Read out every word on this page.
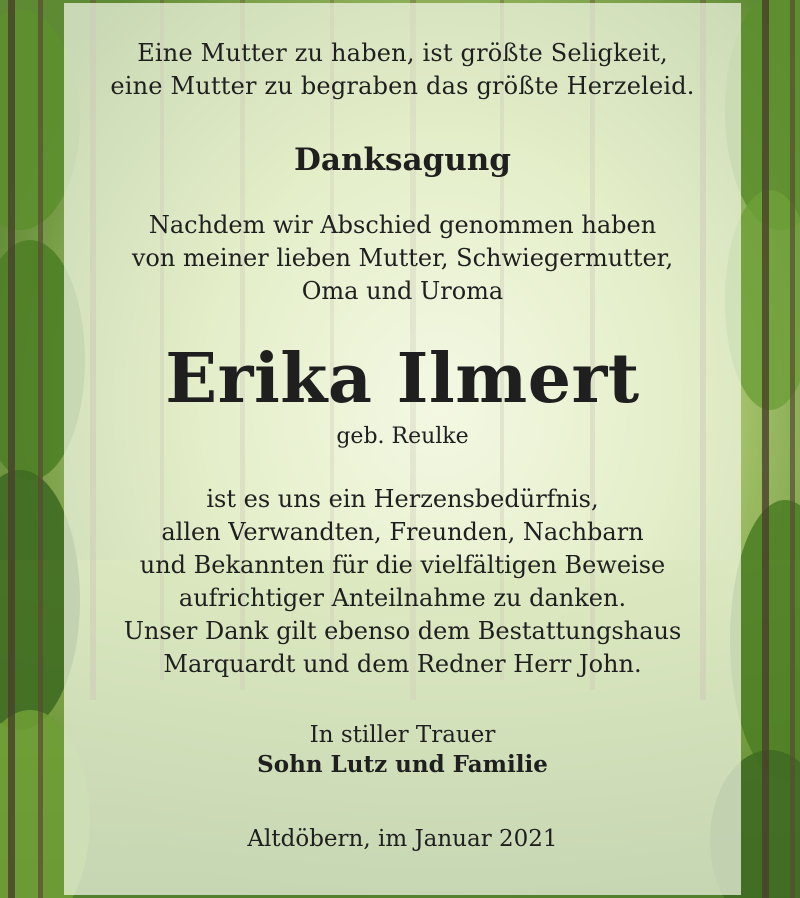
Eine Mutter zu haben, ist größte Seligkeit,
eine Mutter zu begraben das größte Herzeleid.
Danksagung
Nachdem wir Abschied genommen haben
von meiner lieben Mutter, Schwiegermutter,
Oma und Uroma
Erika Ilmert
geb. Reulke
ist es uns ein Herzensbedürfnis,
allen Verwandten, Freunden, Nachbarn
und Bekannten für die vielfältigen Beweise
aufrichtiger Anteilnahme zu danken.
Unser Dank gilt ebenso dem Bestattungshaus
Marquardt und dem Redner Herr John.
In stiller Trauer
Sohn Lutz und Familie
Altdöbern, im Januar 2021
